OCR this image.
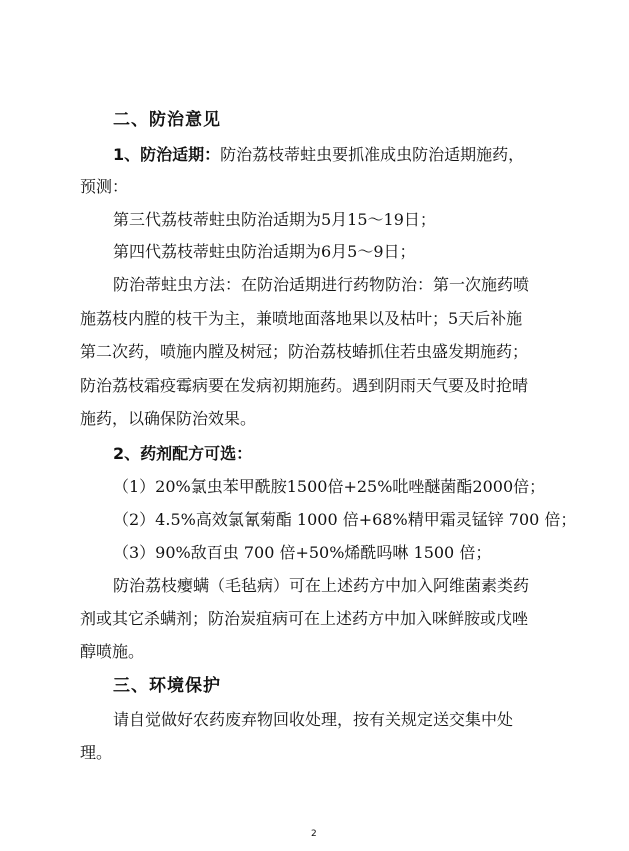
二、防治意见
1、防治适期：防治荔枝蒂蛀虫要抓准成虫防治适期施药，
预测：
第三代荔枝蒂蛀虫防治适期为5月15～19日；
第四代荔枝蒂蛀虫防治适期为6月5～9日；
防治蒂蛀虫方法：在防治适期进行药物防治：第一次施药喷
施荔枝内膛的枝干为主，兼喷地面落地果以及枯叶；5天后补施
第二次药，喷施内膛及树冠；防治荔枝蝽抓住若虫盛发期施药；
防治荔枝霜疫霉病要在发病初期施药。遇到阴雨天气要及时抢晴
施药，以确保防治效果。
2、药剂配方可选：
（1）20%氯虫苯甲酰胺1500倍+25%吡唑醚菌酯2000倍；
（2）4.5%高效氯氰菊酯 1000 倍+68%精甲霜灵锰锌 700 倍；
（3）90%敌百虫 700 倍+50%烯酰吗啉 1500 倍；
防治荔枝瘿螨（毛毡病）可在上述药方中加入阿维菌素类药
剂或其它杀螨剂；防治炭疽病可在上述药方中加入咪鲜胺或戊唑
醇喷施。
三、环境保护
请自觉做好农药废弃物回收处理，按有关规定送交集中处
理。
2
